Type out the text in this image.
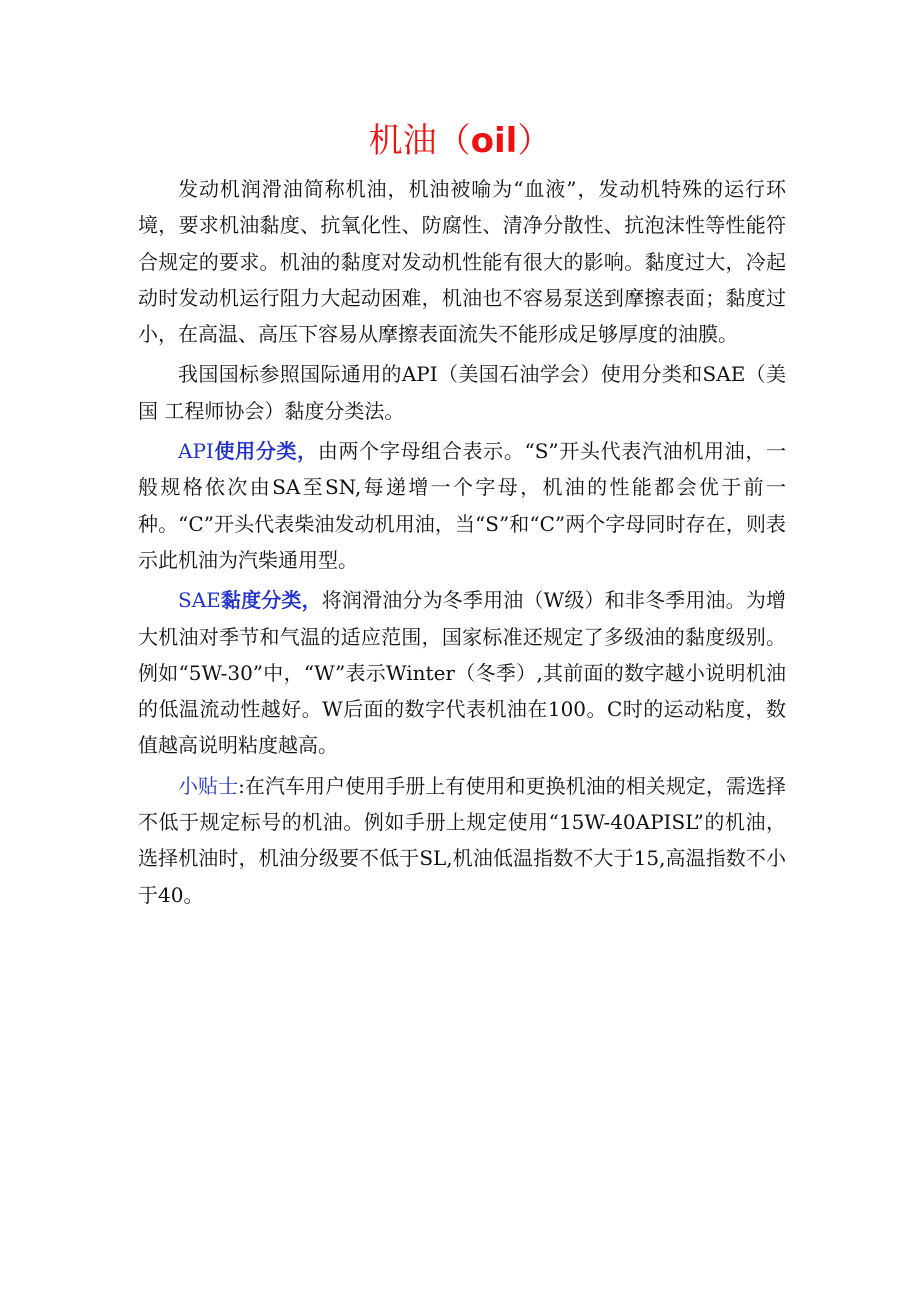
机油（oil）

发动机润滑油简称机油，机油被喻为“血液”，发动机特殊的运行环境，要求机油黏度、抗氧化性、防腐性、清净分散性、抗泡沫性等性能符合规定的要求。机油的黏度对发动机性能有很大的影响。黏度过大，冷起动时发动机运行阻力大起动困难，机油也不容易泵送到摩擦表面；黏度过小，在高温、高压下容易从摩擦表面流失不能形成足够厚度的油膜。

我国国标参照国际通用的API（美国石油学会）使用分类和SAE（美国 工程师协会）黏度分类法。

API使用分类，由两个字母组合表示。“S”开头代表汽油机用油，一般规格依次由SA至SN,每递增一个字母，机油的性能都会优于前一种。“C”开头代表柴油发动机用油，当“S”和“C”两个字母同时存在，则表示此机油为汽柴通用型。

SAE黏度分类，将润滑油分为冬季用油（W级）和非冬季用油。为增大机油对季节和气温的适应范围，国家标准还规定了多级油的黏度级别。例如“5W-30”中，“W”表示Winter（冬季）,其前面的数字越小说明机油的低温流动性越好。W后面的数字代表机油在100。C时的运动粘度，数值越高说明粘度越高。

小贴士:在汽车用户使用手册上有使用和更换机油的相关规定，需选择不低于规定标号的机油。例如手册上规定使用“15W-40APISL”的机油，选择机油时，机油分级要不低于SL,机油低温指数不大于15,高温指数不小于40。
